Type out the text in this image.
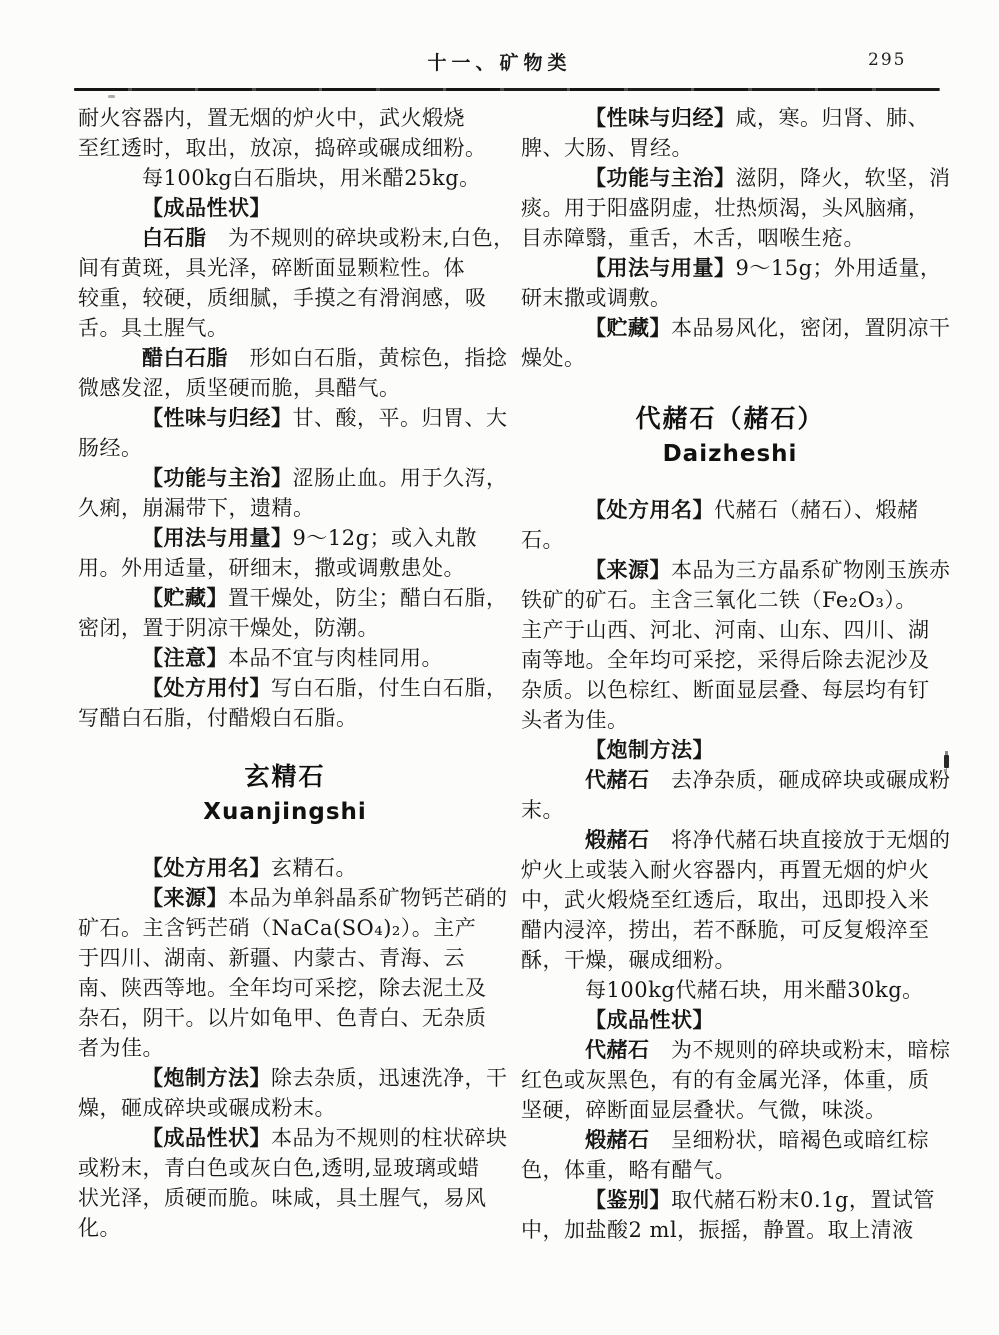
十一、矿物类	295
耐火容器内，置无烟的炉火中，武火煅烧
至红透时，取出，放凉，捣碎或碾成细粉。
每100kg白石脂块，用米醋25kg。
【成品性状】
白石脂　为不规则的碎块或粉末,白色，
间有黄斑，具光泽，碎断面显颗粒性。体
较重，较硬，质细腻，手摸之有滑润感，吸
舌。具土腥气。
醋白石脂　形如白石脂，黄棕色，指捻
微感发涩，质坚硬而脆，具醋气。
【性味与归经】甘、酸，平。归胃、大
肠经。
【功能与主治】涩肠止血。用于久泻，
久痢，崩漏带下，遗精。
【用法与用量】9～12g；或入丸散
用。外用适量，研细末，撒或调敷患处。
【贮藏】置干燥处，防尘；醋白石脂，
密闭，置于阴凉干燥处，防潮。
【注意】本品不宜与肉桂同用。
【处方用付】写白石脂，付生白石脂，
写醋白石脂，付醋煅白石脂。
玄精石
Xuanjingshi
【处方用名】玄精石。
【来源】本品为单斜晶系矿物钙芒硝的
矿石。主含钙芒硝（NaCa(SO₄)₂）。主产
于四川、湖南、新疆、内蒙古、青海、云
南、陕西等地。全年均可采挖，除去泥土及
杂石，阴干。以片如龟甲、色青白、无杂质
者为佳。
【炮制方法】除去杂质，迅速洗净，干
燥，砸成碎块或碾成粉末。
【成品性状】本品为不规则的柱状碎块
或粉末，青白色或灰白色,透明,显玻璃或蜡
状光泽，质硬而脆。味咸，具土腥气，易风
化。
【性味与归经】咸，寒。归肾、肺、
脾、大肠、胃经。
【功能与主治】滋阴，降火，软坚，消
痰。用于阳盛阴虚，壮热烦渴，头风脑痛，
目赤障翳，重舌，木舌，咽喉生疮。
【用法与用量】9～15g；外用适量，
研末撒或调敷。
【贮藏】本品易风化，密闭，置阴凉干
燥处。
代赭石（赭石）
Daizheshi
【处方用名】代赭石（赭石）、煅赭
石。
【来源】本品为三方晶系矿物刚玉族赤
铁矿的矿石。主含三氧化二铁（Fe₂O₃）。
主产于山西、河北、河南、山东、四川、湖
南等地。全年均可采挖，采得后除去泥沙及
杂质。以色棕红、断面显层叠、每层均有钉
头者为佳。
【炮制方法】
代赭石　去净杂质，砸成碎块或碾成粉
末。
煅赭石　将净代赭石块直接放于无烟的
炉火上或装入耐火容器内，再置无烟的炉火
中，武火煅烧至红透后，取出，迅即投入米
醋内浸淬，捞出，若不酥脆，可反复煅淬至
酥，干燥，碾成细粉。
每100kg代赭石块，用米醋30kg。
【成品性状】
代赭石　为不规则的碎块或粉末，暗棕
红色或灰黑色，有的有金属光泽，体重，质
坚硬，碎断面显层叠状。气微，味淡。
煅赭石　呈细粉状，暗褐色或暗红棕
色，体重，略有醋气。
【鉴别】取代赭石粉末0.1g，置试管
中，加盐酸2 ml，振摇，静置。取上清液
